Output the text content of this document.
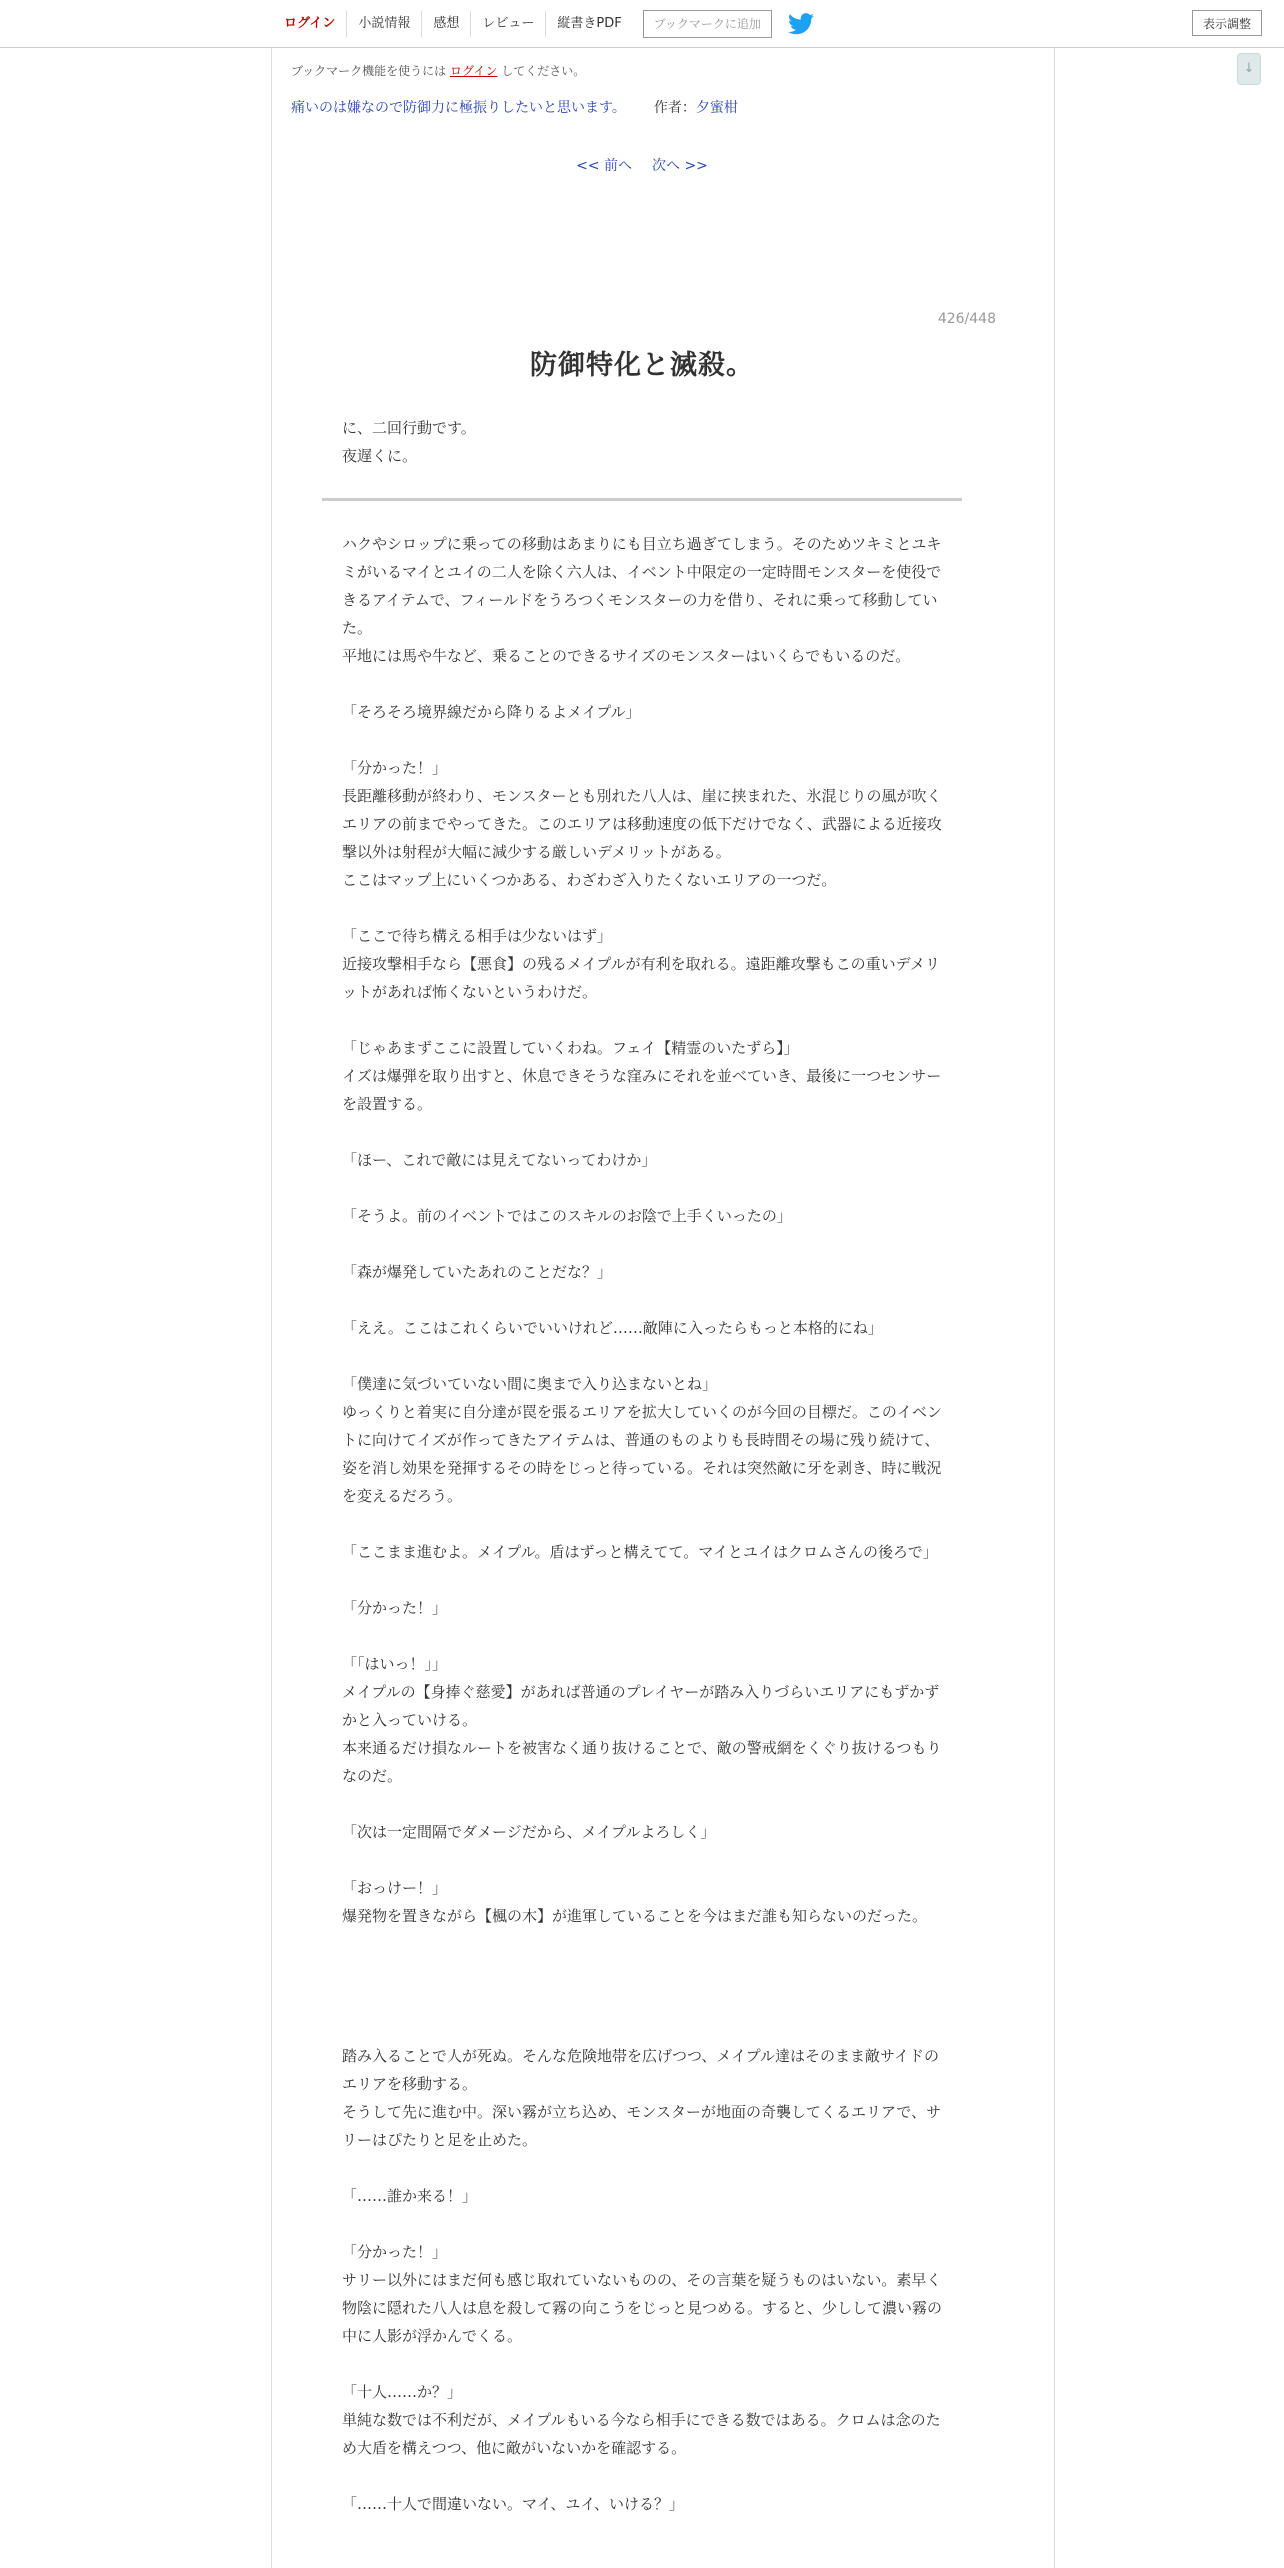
ログイン	小説情報	感想	レビュー	縦書きPDF	ブックマークに追加	表示調整
↓
ブックマーク機能を使うには ログイン してください。
痛いのは嫌なので防御力に極振りしたいと思います。 作者：夕蜜柑
<< 前へ 次へ >>
426/448
防御特化と滅殺。
に、二回行動です。
夜遅くに。

ハクやシロップに乗っての移動はあまりにも目立ち過ぎてしまう。そのためツキミとユキミがいるマイとユイの二人を除く六人は、イベント中限定の一定時間モンスターを使役できるアイテムで、フィールドをうろつくモンスターの力を借り、それに乗って移動していた。

平地には馬や牛など、乗ることのできるサイズのモンスターはいくらでもいるのだ。

「そろそろ境界線だから降りるよメイプル」

「分かった！」

長距離移動が終わり、モンスターとも別れた八人は、崖に挟まれた、氷混じりの風が吹くエリアの前までやってきた。このエリアは移動速度の低下だけでなく、武器による近接攻撃以外は射程が大幅に減少する厳しいデメリットがある。

ここはマップ上にいくつかある、わざわざ入りたくないエリアの一つだ。

「ここで待ち構える相手は少ないはず」

近接攻撃相手なら【悪食】の残るメイプルが有利を取れる。遠距離攻撃もこの重いデメリットがあれば怖くないというわけだ。

「じゃあまずここに設置していくわね。フェイ【精霊のいたずら】」

イズは爆弾を取り出すと、休息できそうな窪みにそれを並べていき、最後に一つセンサーを設置する。

「ほー、これで敵には見えてないってわけか」

「そうよ。前のイベントではこのスキルのお陰で上手くいったの」

「森が爆発していたあれのことだな？」

「ええ。ここはこれくらいでいいけれど……敵陣に入ったらもっと本格的にね」

「僕達に気づいていない間に奥まで入り込まないとね」

ゆっくりと着実に自分達が罠を張るエリアを拡大していくのが今回の目標だ。このイベントに向けてイズが作ってきたアイテムは、普通のものよりも長時間その場に残り続けて、姿を消し効果を発揮するその時をじっと待っている。それは突然敵に牙を剥き、時に戦況を変えるだろう。

「ここまま進むよ。メイプル。盾はずっと構えてて。マイとユイはクロムさんの後ろで」

「分かった！」

「「はいっ！」」

メイプルの【身捧ぐ慈愛】があれば普通のプレイヤーが踏み入りづらいエリアにもずかずかと入っていける。

本来通るだけ損なルートを被害なく通り抜けることで、敵の警戒網をくぐり抜けるつもりなのだ。

「次は一定間隔でダメージだから、メイプルよろしく」

「おっけー！」

爆発物を置きながら【楓の木】が進軍していることを今はまだ誰も知らないのだった。

踏み入ることで人が死ぬ。そんな危険地帯を広げつつ、メイプル達はそのまま敵サイドのエリアを移動する。

そうして先に進む中。深い霧が立ち込め、モンスターが地面の奇襲してくるエリアで、サリーはぴたりと足を止めた。

「……誰か来る！」

「分かった！」

サリー以外にはまだ何も感じ取れていないものの、その言葉を疑うものはいない。素早く物陰に隠れた八人は息を殺して霧の向こうをじっと見つめる。すると、少しして濃い霧の中に人影が浮かんでくる。

「十人……か？」

単純な数では不利だが、メイプルもいる今なら相手にできる数ではある。クロムは念のため大盾を構えつつ、他に敵がいないかを確認する。

「……十人で間違いない。マイ、ユイ、いける？」
